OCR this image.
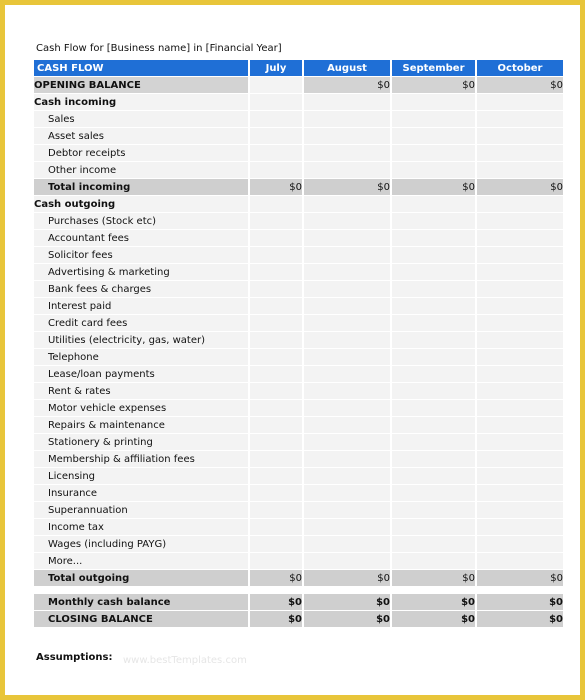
Cash Flow for [Business name] in [Financial Year]
CASH FLOW	July	August	September	October
OPENING BALANCE		$0	$0	$0
Cash incoming				
Sales				
Asset sales				
Debtor receipts				
Other income				
Total incoming	$0	$0	$0	$0
Cash outgoing				
Purchases (Stock etc)				
Accountant fees				
Solicitor fees				
Advertising & marketing				
Bank fees & charges				
Interest paid				
Credit card fees				
Utilities (electricity, gas, water)				
Telephone				
Lease/loan payments				
Rent & rates				
Motor vehicle expenses				
Repairs & maintenance				
Stationery & printing				
Membership & affiliation fees				
Licensing				
Insurance				
Superannuation				
Income tax				
Wages (including PAYG)				
More...				
Total outgoing	$0	$0	$0	$0

Monthly cash balance	$0	$0	$0	$0
CLOSING BALANCE	$0	$0	$0	$0
Assumptions: www.bestTemplates.com
